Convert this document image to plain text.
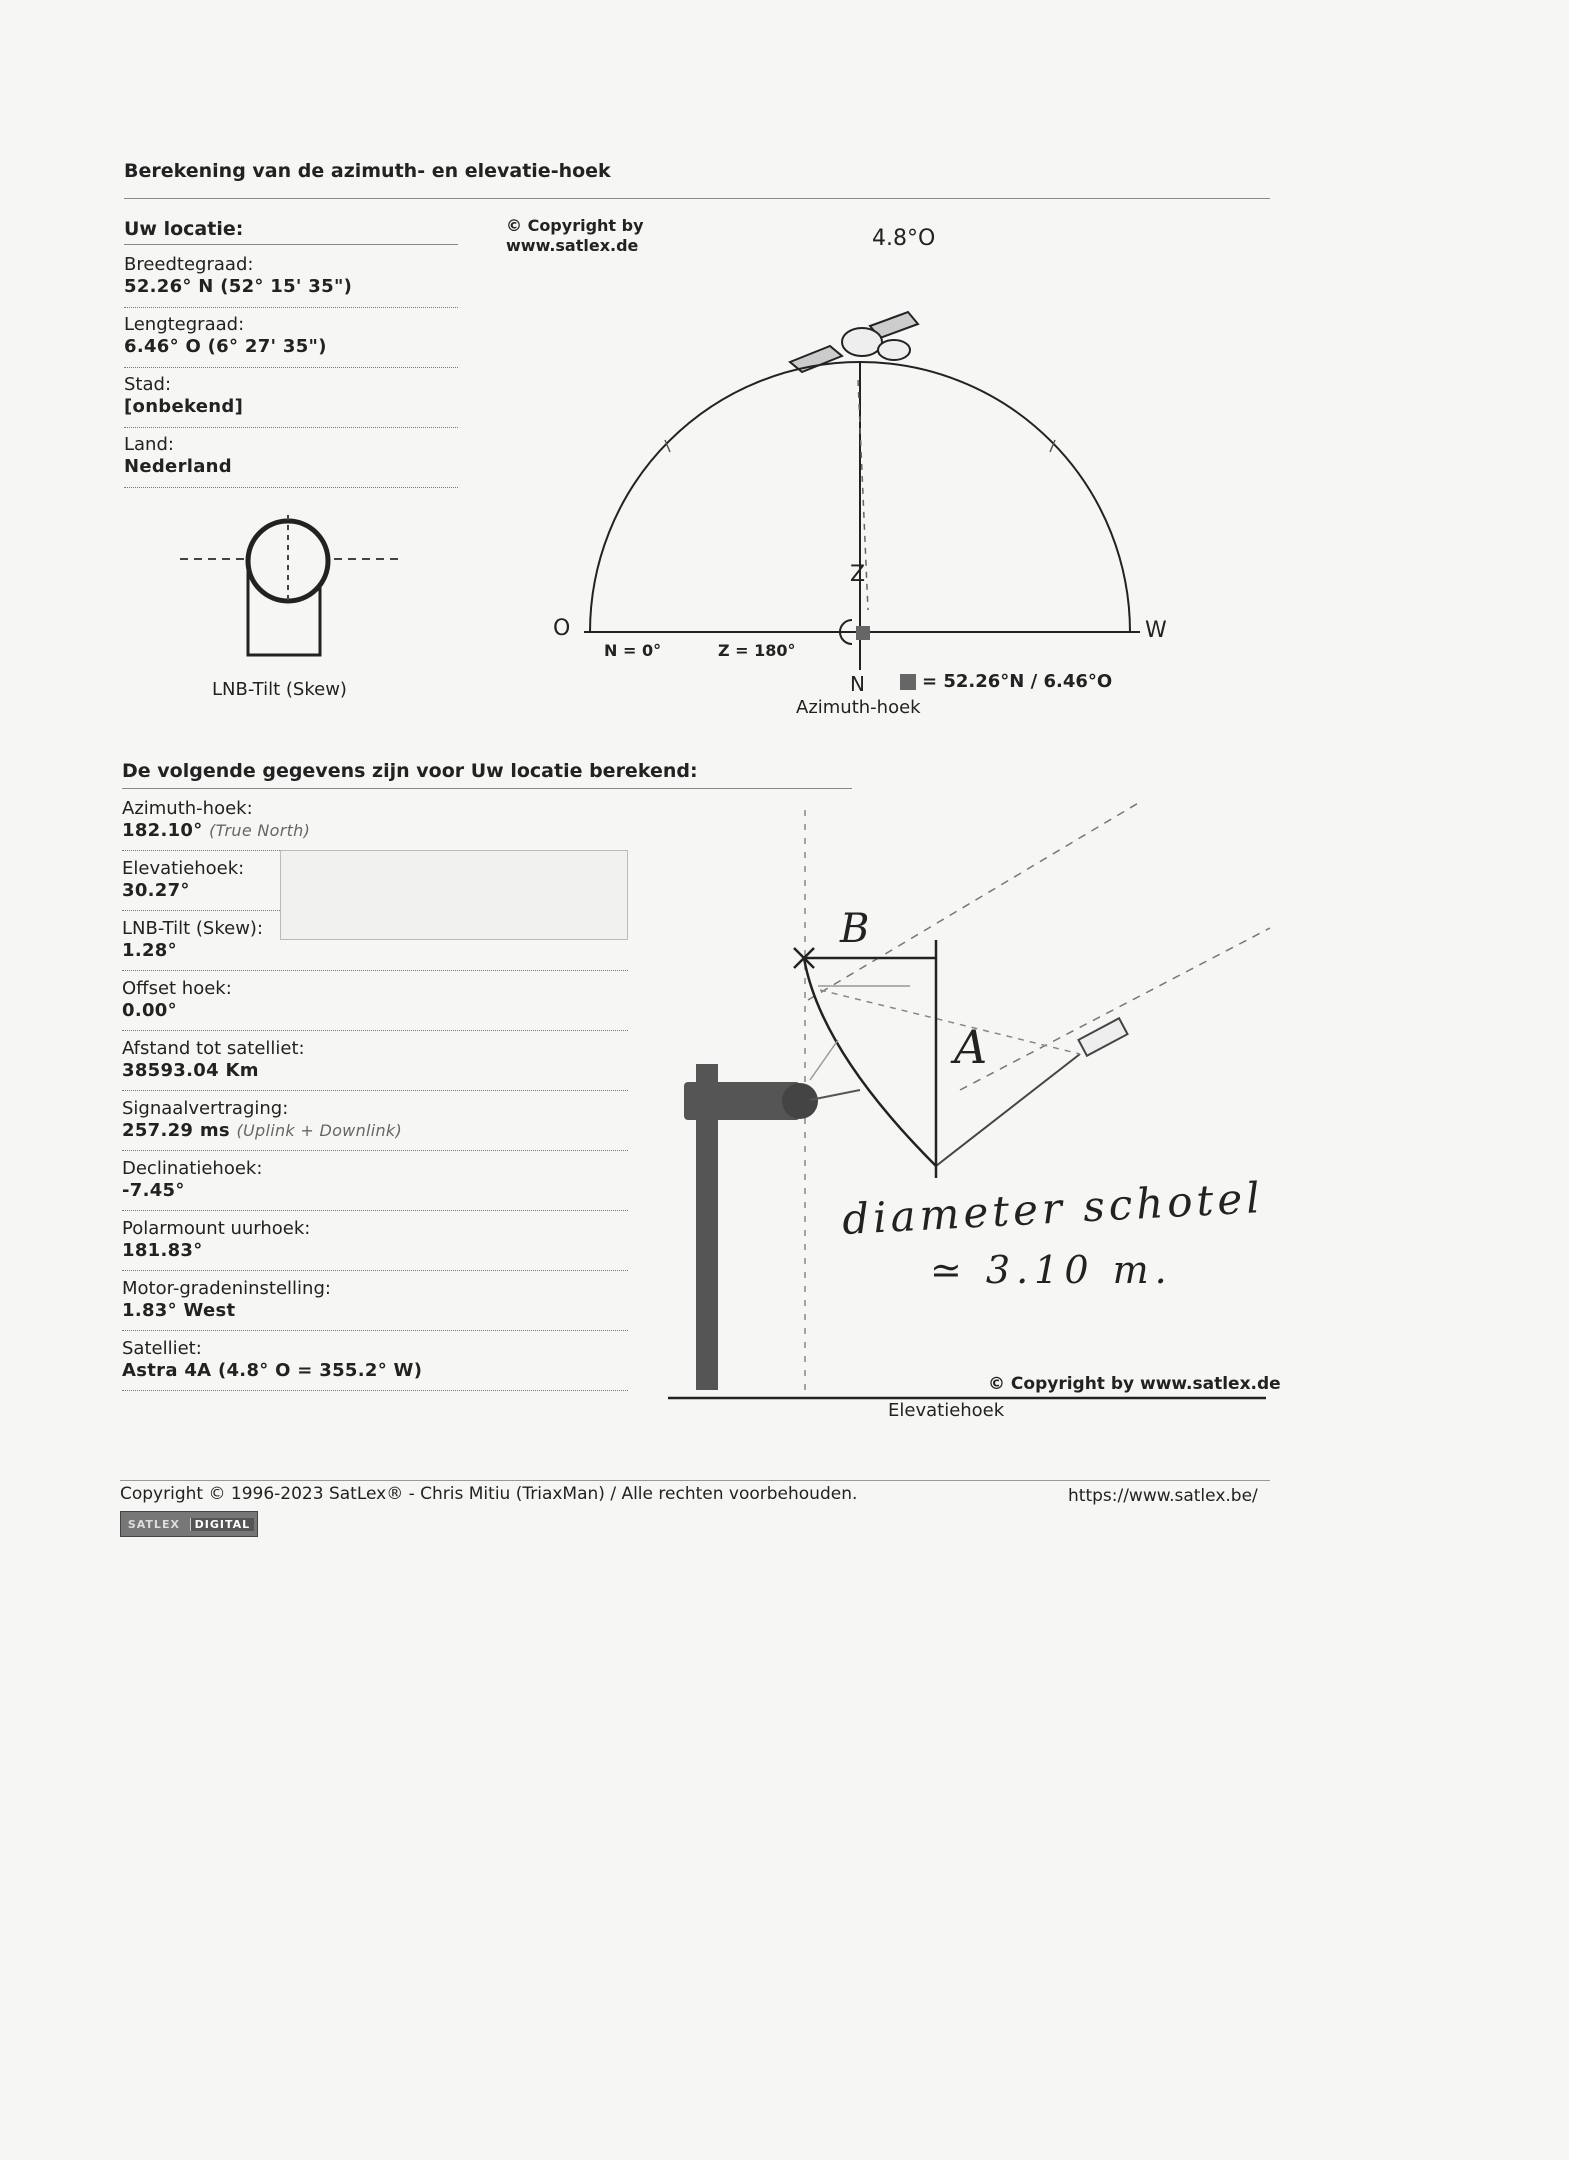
Berekening van de azimuth- en elevatie-hoek
Uw locatie:
Breedtegraad:
52.26° N (52° 15' 35")
Lengtegraad:
6.46° O (6° 27' 35")
Stad:
[onbekend]
Land:
Nederland
LNB-Tilt (Skew)
© Copyright by
www.satlex.de	4.8°O
O	W
Z
N
N = 0°	Z = 180°
= 52.26°N / 6.46°O
Azimuth-hoek
De volgende gegevens zijn voor Uw locatie berekend:
Azimuth-hoek:
182.10° (True North)
Elevatiehoek:
30.27°
LNB-Tilt (Skew):
1.28°
Offset hoek:
0.00°
Afstand tot satelliet:
38593.04 Km
Signaalvertraging:
257.29 ms (Uplink + Downlink)
Declinatiehoek:
-7.45°
Polarmount uurhoek:
181.83°
Motor-gradeninstelling:
1.83° West
Satelliet:
Astra 4A (4.8° O = 355.2° W)
B
A
diameter schotel
≃ 3.10 m.
© Copyright by www.satlex.de
Elevatiehoek
Copyright © 1996-2023 SatLex® - Chris Mitiu (TriaxMan) / Alle rechten voorbehouden.	https://www.satlex.be/
SATLEX	DIGITAL
